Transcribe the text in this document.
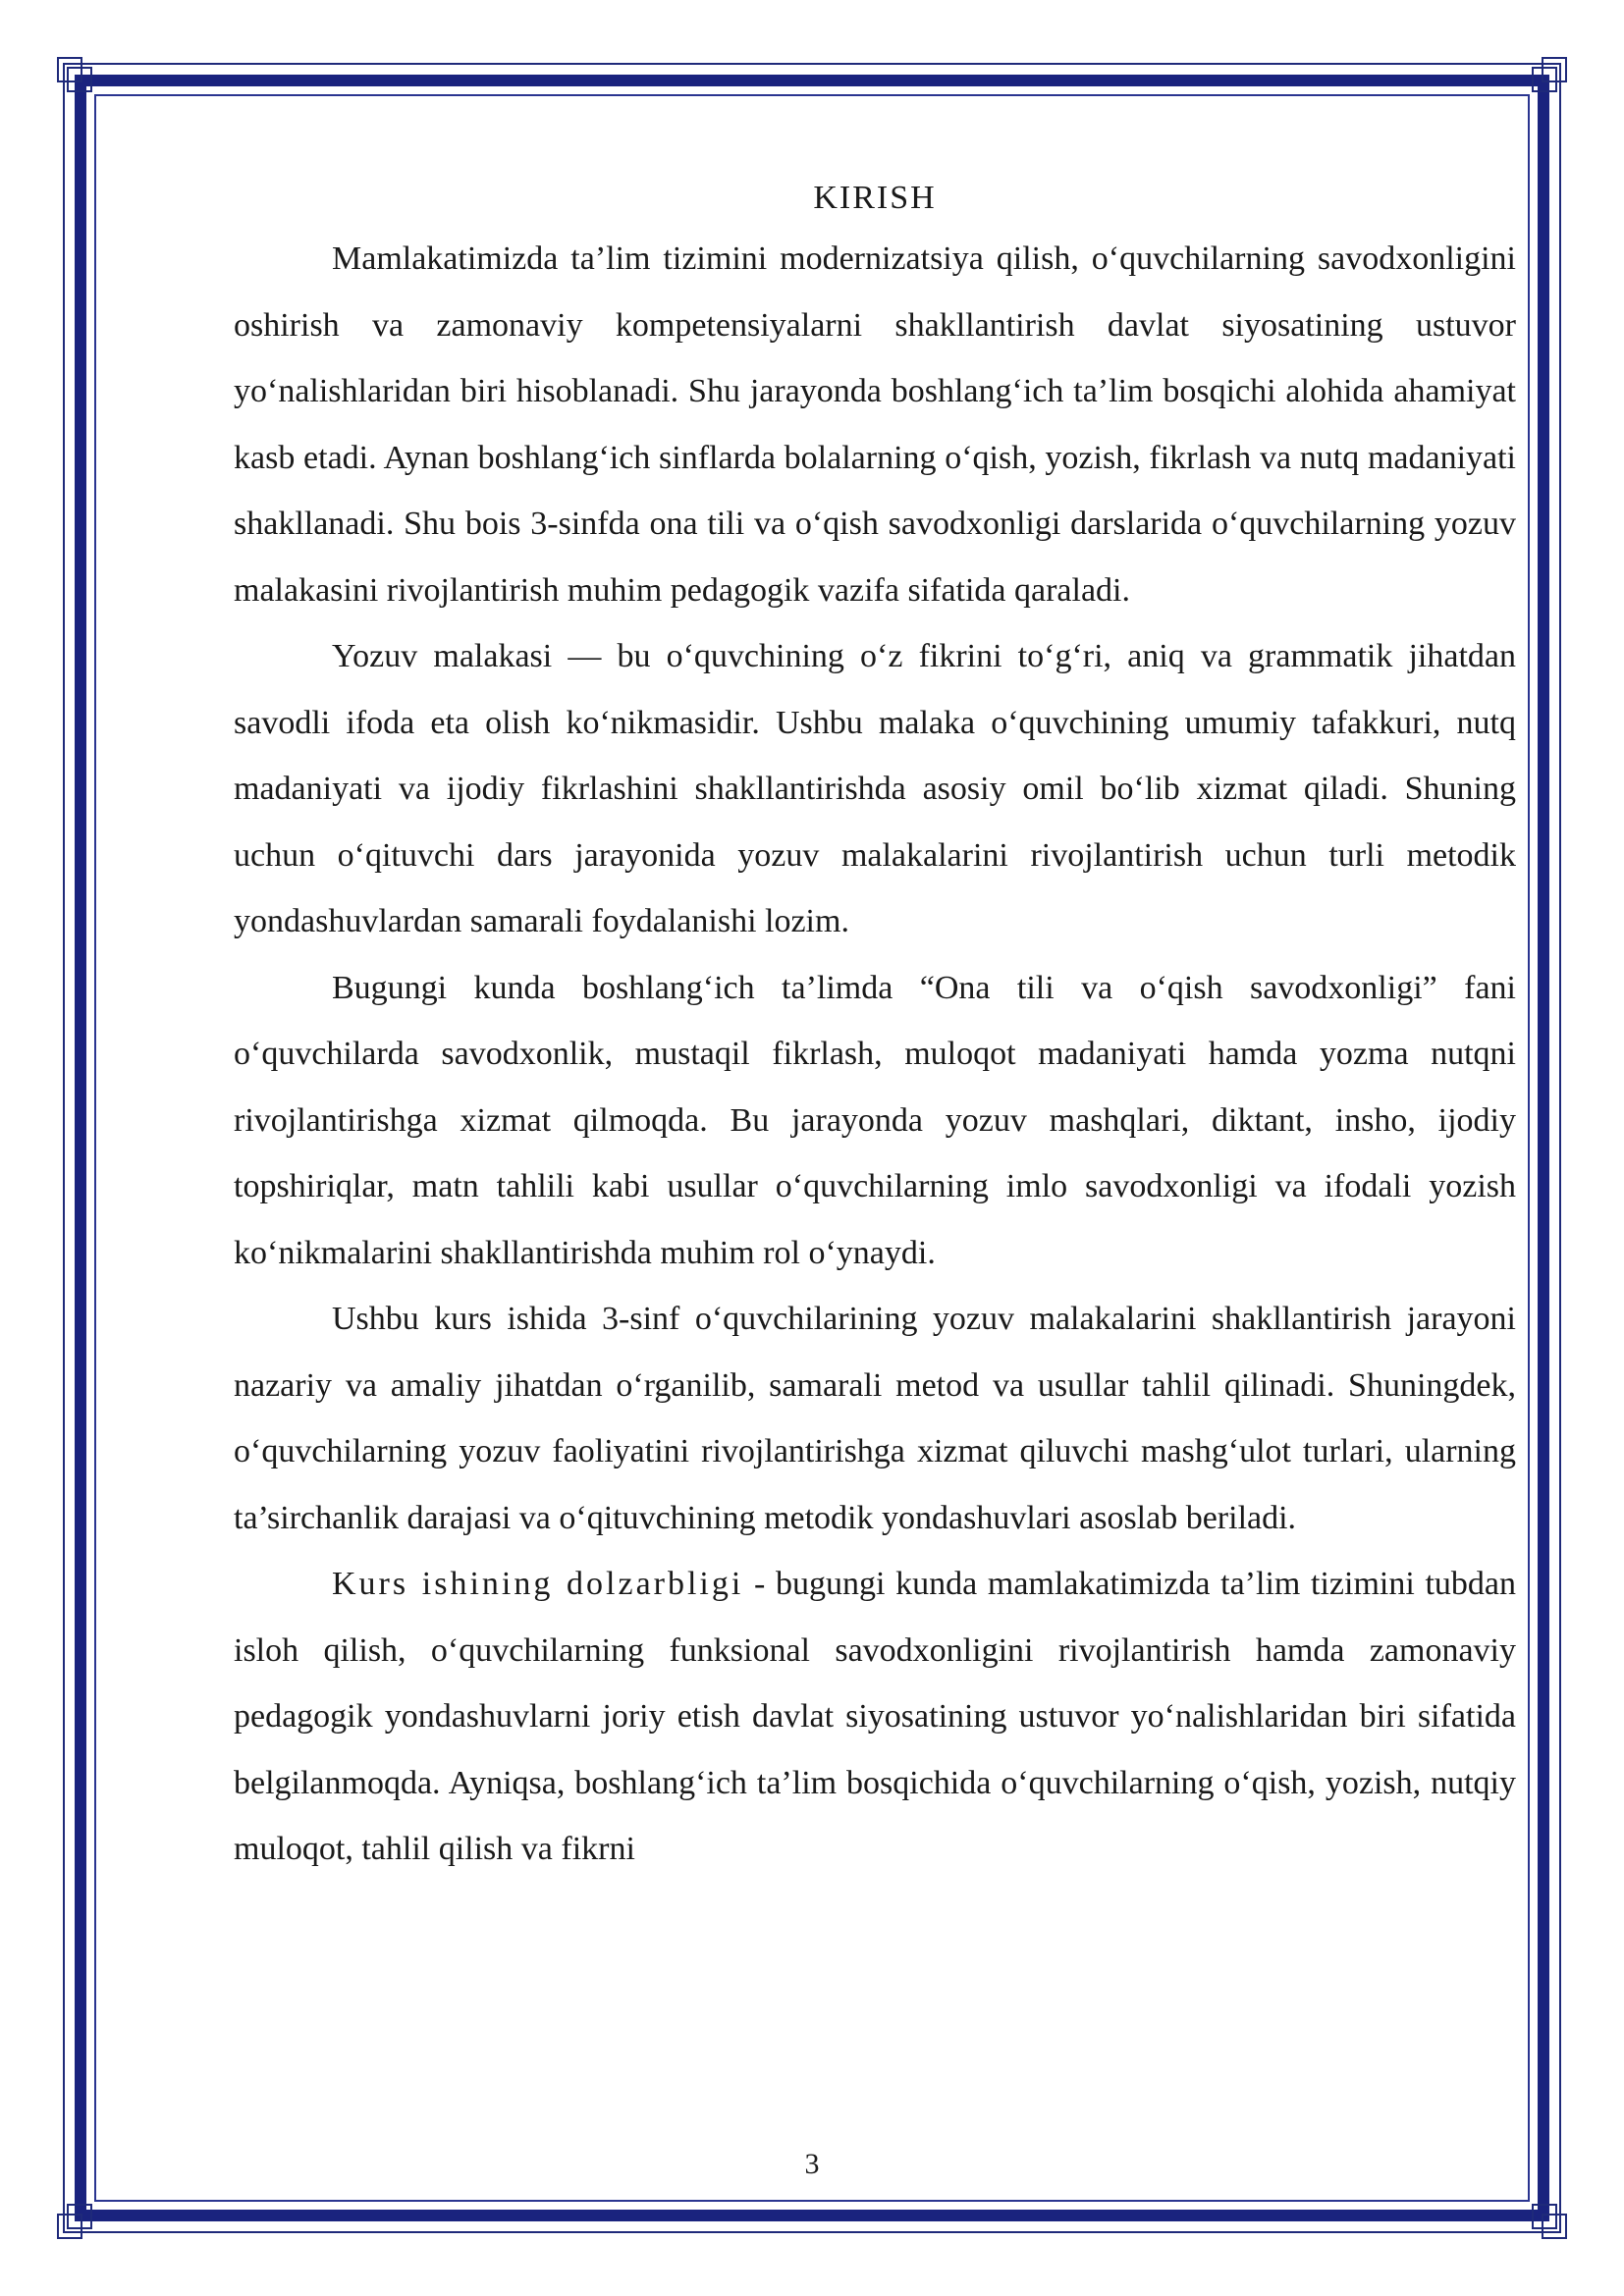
KIRISH

Mamlakatimizda ta’lim tizimini modernizatsiya qilish, o‘quvchilarning savodxonligini oshirish va zamonaviy kompetensiyalarni shakllantirish davlat siyosatining ustuvor yo‘nalishlaridan biri hisoblanadi. Shu jarayonda boshlang‘ich ta’lim bosqichi alohida ahamiyat kasb etadi. Aynan boshlang‘ich sinflarda bolalarning o‘qish, yozish, fikrlash va nutq madaniyati shakllanadi. Shu bois 3-sinfda ona tili va o‘qish savodxonligi darslarida o‘quvchilarning yozuv malakasini rivojlantirish muhim pedagogik vazifa sifatida qaraladi.

Yozuv malakasi — bu o‘quvchining o‘z fikrini to‘g‘ri, aniq va grammatik jihatdan savodli ifoda eta olish ko‘nikmasidir. Ushbu malaka o‘quvchining umumiy tafakkuri, nutq madaniyati va ijodiy fikrlashini shakllantirishda asosiy omil bo‘lib xizmat qiladi. Shuning uchun o‘qituvchi dars jarayonida yozuv malakalarini rivojlantirish uchun turli metodik yondashuvlardan samarali foydalanishi lozim.

Bugungi kunda boshlang‘ich ta’limda “Ona tili va o‘qish savodxonligi” fani o‘quvchilarda savodxonlik, mustaqil fikrlash, muloqot madaniyati hamda yozma nutqni rivojlantirishga xizmat qilmoqda. Bu jarayonda yozuv mashqlari, diktant, insho, ijodiy topshiriqlar, matn tahlili kabi usullar o‘quvchilarning imlo savodxonligi va ifodali yozish ko‘nikmalarini shakllantirishda muhim rol o‘ynaydi.

Ushbu kurs ishida 3-sinf o‘quvchilarining yozuv malakalarini shakllantirish jarayoni nazariy va amaliy jihatdan o‘rganilib, samarali metod va usullar tahlil qilinadi. Shuningdek, o‘quvchilarning yozuv faoliyatini rivojlantirishga xizmat qiluvchi mashg‘ulot turlari, ularning ta’sirchanlik darajasi va o‘qituvchining metodik yondashuvlari asoslab beriladi.

Kurs ishining dolzarbligi - bugungi kunda mamlakatimizda ta’lim tizimini tubdan isloh qilish, o‘quvchilarning funksional savodxonligini rivojlantirish hamda zamonaviy pedagogik yondashuvlarni joriy etish davlat siyosatining ustuvor yo‘nalishlaridan biri sifatida belgilanmoqda. Ayniqsa, boshlang‘ich ta’lim bosqichida o‘quvchilarning o‘qish, yozish, nutqiy muloqot, tahlil qilish va fikrni

3
